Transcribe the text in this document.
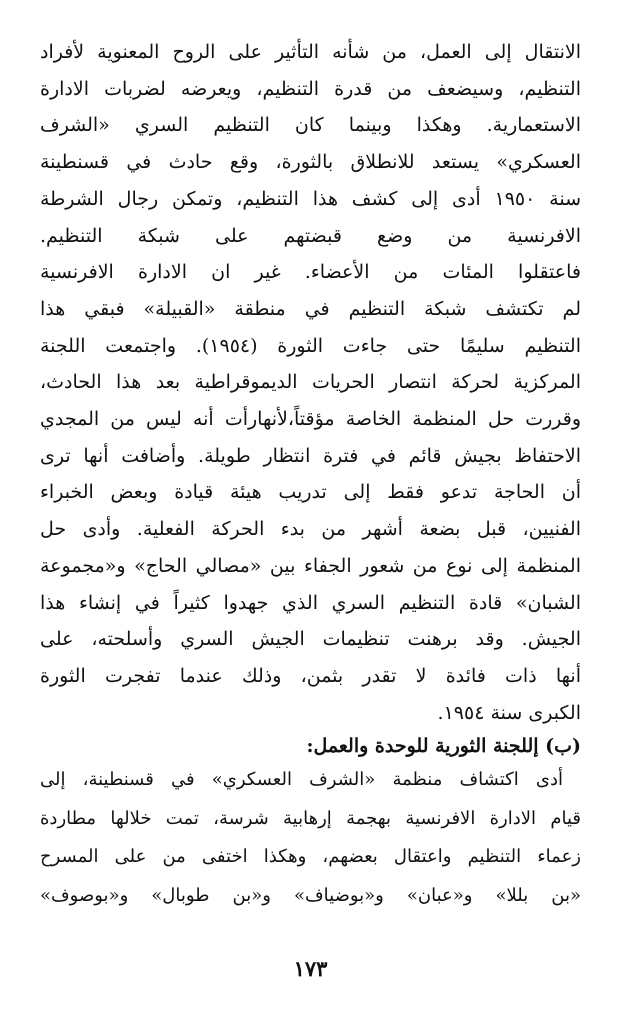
الانتقال إلى العمل، من شأنه التأثير على الروح المعنوية لأفراد
التنظيم، وسيضعف من قدرة التنظيم، ويعرضه لضربات الادارة
الاستعمارية. وهكذا وبينما كان التنظيم السري «الشرف
العسكري» يستعد للانطلاق بالثورة، وقع حادث في قسنطينة
سنة ١٩٥٠ أدى إلى كشف هذا التنظيم، وتمكن رجال الشرطة
الافرنسية من وضع قبضتهم على شبكة التنظيم.
فاعتقلوا المئات من الأعضاء. غير ان الادارة الافرنسية
لم تكتشف شبكة التنظيم في منطقة «القبيلة» فبقي هذا
التنظيم سليمًا حتى جاءت الثورة (١٩٥٤). واجتمعت اللجنة
المركزية لحركة انتصار الحريات الديموقراطية بعد هذا الحادث،
وقررت حل المنظمة الخاصة مؤقتاً،لأنهارأت أنه ليس من المجدي
الاحتفاظ بجيش قائم في فترة انتظار طويلة. وأضافت أنها ترى
أن الحاجة تدعو فقط إلى تدريب هيئة قيادة وبعض الخبراء
الفنيين، قبل بضعة أشهر من بدء الحركة الفعلية. وأدى حل
المنظمة إلى نوع من شعور الجفاء بين «مصالي الحاج» و«مجموعة
الشبان» قادة التنظيم السري الذي جهدوا كثيراً في إنشاء هذا
الجيش. وقد برهنت تنظيمات الجيش السري وأسلحته، على
أنها ذات فائدة لا تقدر بثمن، وذلك عندما تفجرت الثورة
الكبرى سنة ١٩٥٤.
(ب) إللجنة الثورية للوحدة والعمل:
أدى اكتشاف منظمة «الشرف العسكري» في قسنطينة، إلى
قيام الادارة الافرنسية بهجمة إرهابية شرسة، تمت خلالها مطاردة
زعماء التنظيم واعتقال بعضهم، وهكذا اختفى من على المسرح
«بن بللا» و«عبان» و«بوضياف» و«بن طوبال» و«بوصوف»
١٧٣
